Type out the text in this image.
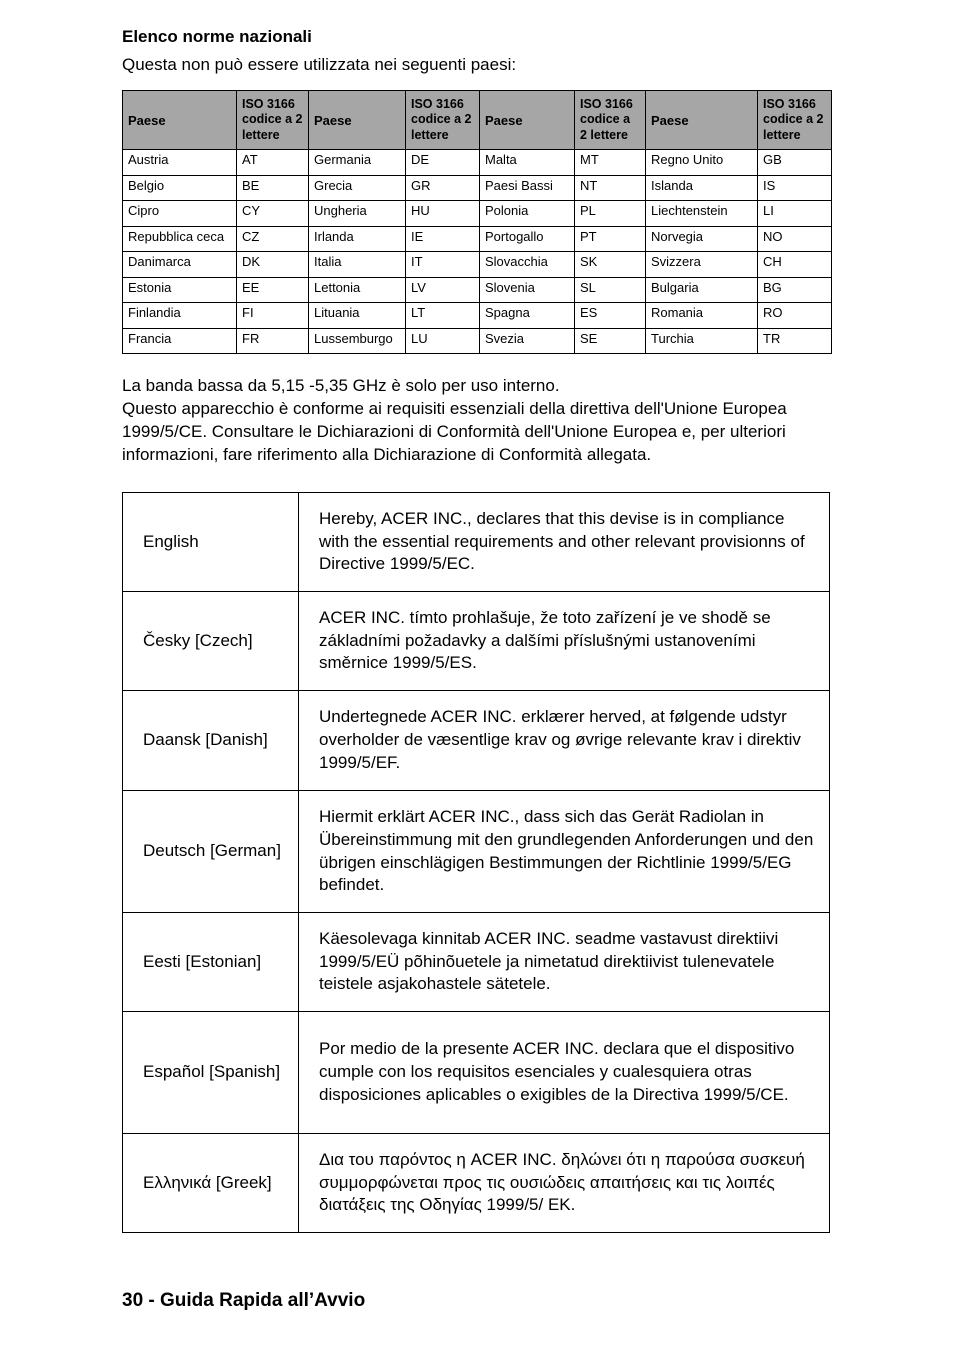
Elenco norme nazionali
Questa non può essere utilizzata nei seguenti paesi:
Paese	ISO 3166 codice a 2 lettere	Paese	ISO 3166 codice a 2 lettere	Paese	ISO 3166 codice a 2 lettere	Paese	ISO 3166 codice a 2 lettere
Austria	AT	Germania	DE	Malta	MT	Regno Unito	GB
Belgio	BE	Grecia	GR	Paesi Bassi	NT	Islanda	IS
Cipro	CY	Ungheria	HU	Polonia	PL	Liechtenstein	LI
Repubblica ceca	CZ	Irlanda	IE	Portogallo	PT	Norvegia	NO
Danimarca	DK	Italia	IT	Slovacchia	SK	Svizzera	CH
Estonia	EE	Lettonia	LV	Slovenia	SL	Bulgaria	BG
Finlandia	FI	Lituania	LT	Spagna	ES	Romania	RO
Francia	FR	Lussemburgo	LU	Svezia	SE	Turchia	TR

La banda bassa da 5,15 -5,35 GHz è solo per uso interno.

Questo apparecchio è conforme ai requisiti essenziali della direttiva dell'Unione Europea 1999/5/CE. Consultare le Dichiarazioni di Conformità dell'Unione Europea e, per ulteriori informazioni, fare riferimento alla Dichiarazione di Conformità allegata.

English	Hereby, ACER INC., declares that this devise is in compliance with the essential requirements and other relevant provisionns of Directive 1999/5/EC.
Česky [Czech]	ACER INC. tímto prohlašuje, že toto zařízení je ve shodě se základními požadavky a dalšími příslušnými ustanoveními směrnice 1999/5/ES.
Daansk [Danish]	Undertegnede ACER INC. erklærer herved, at følgende udstyr overholder de væsentlige krav og øvrige relevante krav i direktiv 1999/5/EF.
Deutsch [German]	Hiermit erklärt ACER INC., dass sich das Gerät Radiolan in Übereinstimmung mit den grundlegenden Anforderungen und den übrigen einschlägigen Bestimmungen der Richtlinie 1999/5/EG befindet.
Eesti [Estonian]	Käesolevaga kinnitab ACER INC. seadme vastavust direktiivi 1999/5/EÜ põhinõuetele ja nimetatud direktiivist tulenevatele teistele asjakohastele sätetele.
Español [Spanish]	Por medio de la presente ACER INC. declara que el dispositivo cumple con los requisitos esenciales y cualesquiera otras disposiciones aplicables o exigibles de la Directiva 1999/5/CE.
Ελληνικά [Greek]	Δια του παρόντος η ACER INC. δηλώνει ότι η παρούσα συσκευή συμμορφώνεται προς τις ουσιώδεις απαιτήσεις και τις λοιπές διατάξεις της Οδηγίας 1999/5/ ΕΚ.
30 - Guida Rapida all’Avvio
